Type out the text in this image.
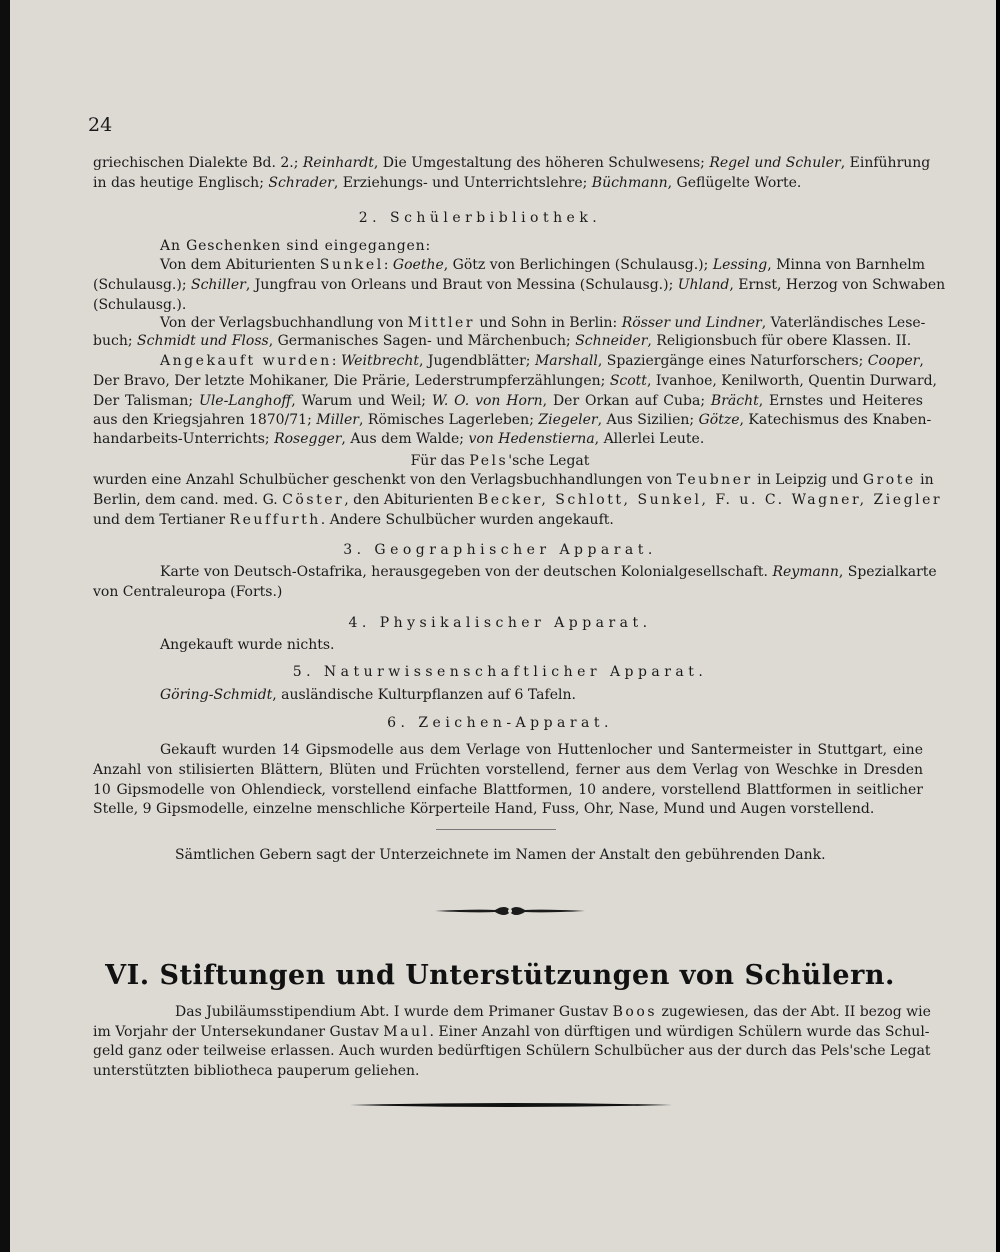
24
griechischen Dialekte Bd. 2.; Reinhardt, Die Umgestaltung des höheren Schulwesens; Regel und Schuler, Einführung
in das heutige Englisch; Schrader, Erziehungs- und Unterrichtslehre; Büchmann, Geflügelte Worte.
2. Schülerbibliothek.
An Geschenken sind eingegangen:
Von dem Abiturienten Sunkel: Goethe, Götz von Berlichingen (Schulausg.); Lessing, Minna von Barnhelm
(Schulausg.); Schiller, Jungfrau von Orleans und Braut von Messina (Schulausg.); Uhland, Ernst, Herzog von Schwaben
(Schulausg.).
Von der Verlagsbuchhandlung von Mittler und Sohn in Berlin: Rösser und Lindner, Vaterländisches Lese-
buch; Schmidt und Floss, Germanisches Sagen- und Märchenbuch; Schneider, Religionsbuch für obere Klassen. II.
Angekauft wurden: Weitbrecht, Jugendblätter; Marshall, Spaziergänge eines Naturforschers; Cooper,
Der Bravo, Der letzte Mohikaner, Die Prärie, Lederstrumpferzählungen; Scott, Ivanhoe, Kenilworth, Quentin Durward,
Der Talisman; Ule-Langhoff, Warum und Weil; W. O. von Horn, Der Orkan auf Cuba; Brächt, Ernstes und Heiteres
aus den Kriegsjahren 1870/71; Miller, Römisches Lagerleben; Ziegeler, Aus Sizilien; Götze, Katechismus des Knaben-
handarbeits-Unterrichts; Rosegger, Aus dem Walde; von Hedenstierna, Allerlei Leute.
Für das Pels'sche Legat
wurden eine Anzahl Schulbücher geschenkt von den Verlagsbuchhandlungen von Teubner in Leipzig und Grote in
Berlin, dem cand. med. G. Cöster, den Abiturienten Becker, Schlott, Sunkel, F. u. C. Wagner, Ziegler
und dem Tertianer Reuffurth. Andere Schulbücher wurden angekauft.
3. Geographischer Apparat.
Karte von Deutsch-Ostafrika, herausgegeben von der deutschen Kolonialgesellschaft. Reymann, Spezialkarte
von Centraleuropa (Forts.)
4. Physikalischer Apparat.
Angekauft wurde nichts.
5. Naturwissenschaftlicher Apparat.
Göring-Schmidt, ausländische Kulturpflanzen auf 6 Tafeln.
6. Zeichen-Apparat.
Gekauft wurden 14 Gipsmodelle aus dem Verlage von Huttenlocher und Santermeister in Stuttgart, eine
Anzahl von stilisierten Blättern, Blüten und Früchten vorstellend, ferner aus dem Verlag von Weschke in Dresden
10 Gipsmodelle von Ohlendieck, vorstellend einfache Blattformen, 10 andere, vorstellend Blattformen in seitlicher
Stelle, 9 Gipsmodelle, einzelne menschliche Körperteile Hand, Fuss, Ohr, Nase, Mund und Augen vorstellend.
Sämtlichen Gebern sagt der Unterzeichnete im Namen der Anstalt den gebührenden Dank.
VI. Stiftungen und Unterstützungen von Schülern.
Das Jubiläumsstipendium Abt. I wurde dem Primaner Gustav Boos zugewiesen, das der Abt. II bezog wie
im Vorjahr der Untersekundaner Gustav Maul. Einer Anzahl von dürftigen und würdigen Schülern wurde das Schul-
geld ganz oder teilweise erlassen. Auch wurden bedürftigen Schülern Schulbücher aus der durch das Pels'sche Legat
unterstützten bibliotheca pauperum geliehen.
